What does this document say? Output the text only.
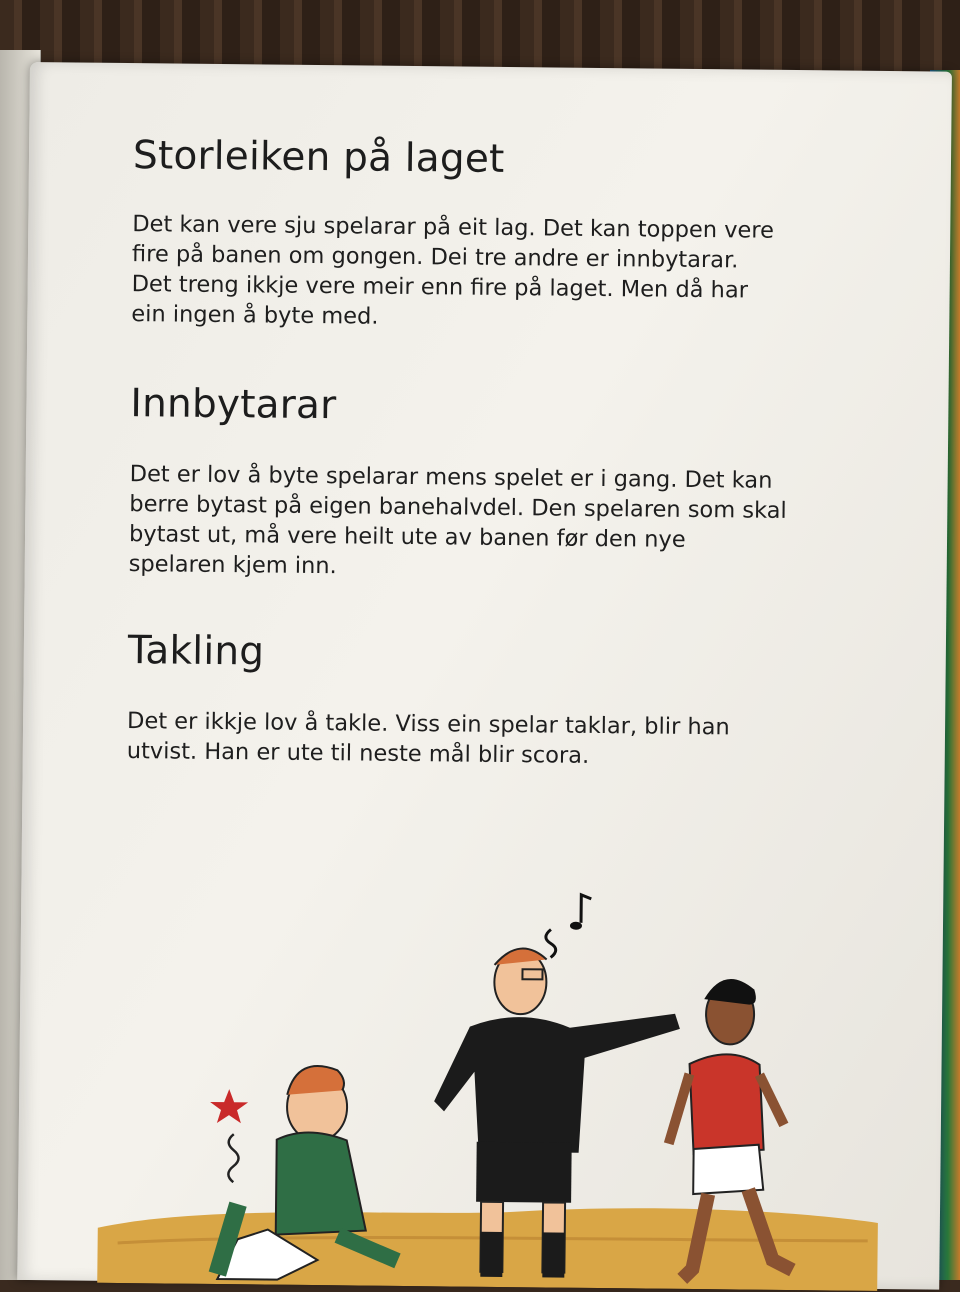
Storleiken på laget

Det kan vere sju spelarar på eit lag. Det kan toppen vere
fire på banen om gongen. Dei tre andre er innbytarar.
Det treng ikkje vere meir enn fire på laget. Men då har
ein ingen å byte med.

Innbytarar

Det er lov å byte spelarar mens spelet er i gang. Det kan
berre bytast på eigen banehalvdel. Den spelaren som skal
bytast ut, må vere heilt ute av banen før den nye
spelaren kjem inn.

Takling

Det er ikkje lov å takle. Viss ein spelar taklar, blir han
utvist. Han er ute til neste mål blir scora.
